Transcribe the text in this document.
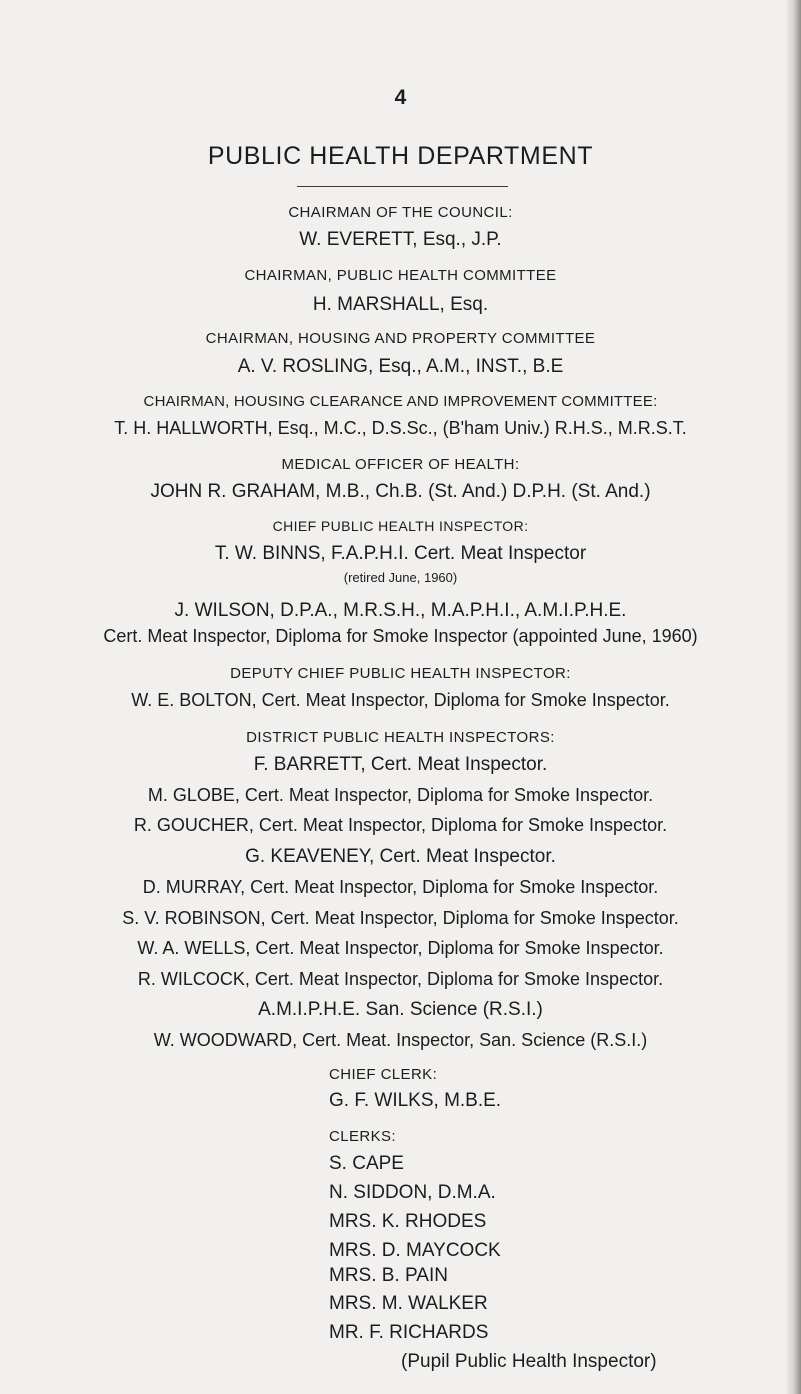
4
PUBLIC HEALTH DEPARTMENT
CHAIRMAN OF THE COUNCIL:
W. EVERETT, Esq., J.P.
CHAIRMAN, PUBLIC HEALTH COMMITTEE
H. MARSHALL, Esq.
CHAIRMAN, HOUSING AND PROPERTY COMMITTEE
A. V. ROSLING, Esq., A.M., INST., B.E
CHAIRMAN, HOUSING CLEARANCE AND IMPROVEMENT COMMITTEE:
T. H. HALLWORTH, Esq., M.C., D.S.Sc., (B'ham Univ.) R.H.S., M.R.S.T.
MEDICAL OFFICER OF HEALTH:
JOHN R. GRAHAM, M.B., Ch.B. (St. And.) D.P.H. (St. And.)
CHIEF PUBLIC HEALTH INSPECTOR:
T. W. BINNS, F.A.P.H.I. Cert. Meat Inspector
(retired June, 1960)
J. WILSON, D.P.A., M.R.S.H., M.A.P.H.I., A.M.I.P.H.E.
Cert. Meat Inspector, Diploma for Smoke Inspector (appointed June, 1960)
DEPUTY CHIEF PUBLIC HEALTH INSPECTOR:
W. E. BOLTON, Cert. Meat Inspector, Diploma for Smoke Inspector.
DISTRICT PUBLIC HEALTH INSPECTORS:
F. BARRETT, Cert. Meat Inspector.
M. GLOBE, Cert. Meat Inspector, Diploma for Smoke Inspector.
R. GOUCHER, Cert. Meat Inspector, Diploma for Smoke Inspector.
G. KEAVENEY, Cert. Meat Inspector.
D. MURRAY, Cert. Meat Inspector, Diploma for Smoke Inspector.
S. V. ROBINSON, Cert. Meat Inspector, Diploma for Smoke Inspector.
W. A. WELLS, Cert. Meat Inspector, Diploma for Smoke Inspector.
R. WILCOCK, Cert. Meat Inspector, Diploma for Smoke Inspector.
A.M.I.P.H.E. San. Science (R.S.I.)
W. WOODWARD, Cert. Meat. Inspector, San. Science (R.S.I.)
CHIEF CLERK:
G. F. WILKS, M.B.E.
CLERKS:
S. CAPE
N. SIDDON, D.M.A.
MRS. K. RHODES
MRS. D. MAYCOCK
MRS. B. PAIN
MRS. M. WALKER
MR. F. RICHARDS
(Pupil Public Health Inspector)
